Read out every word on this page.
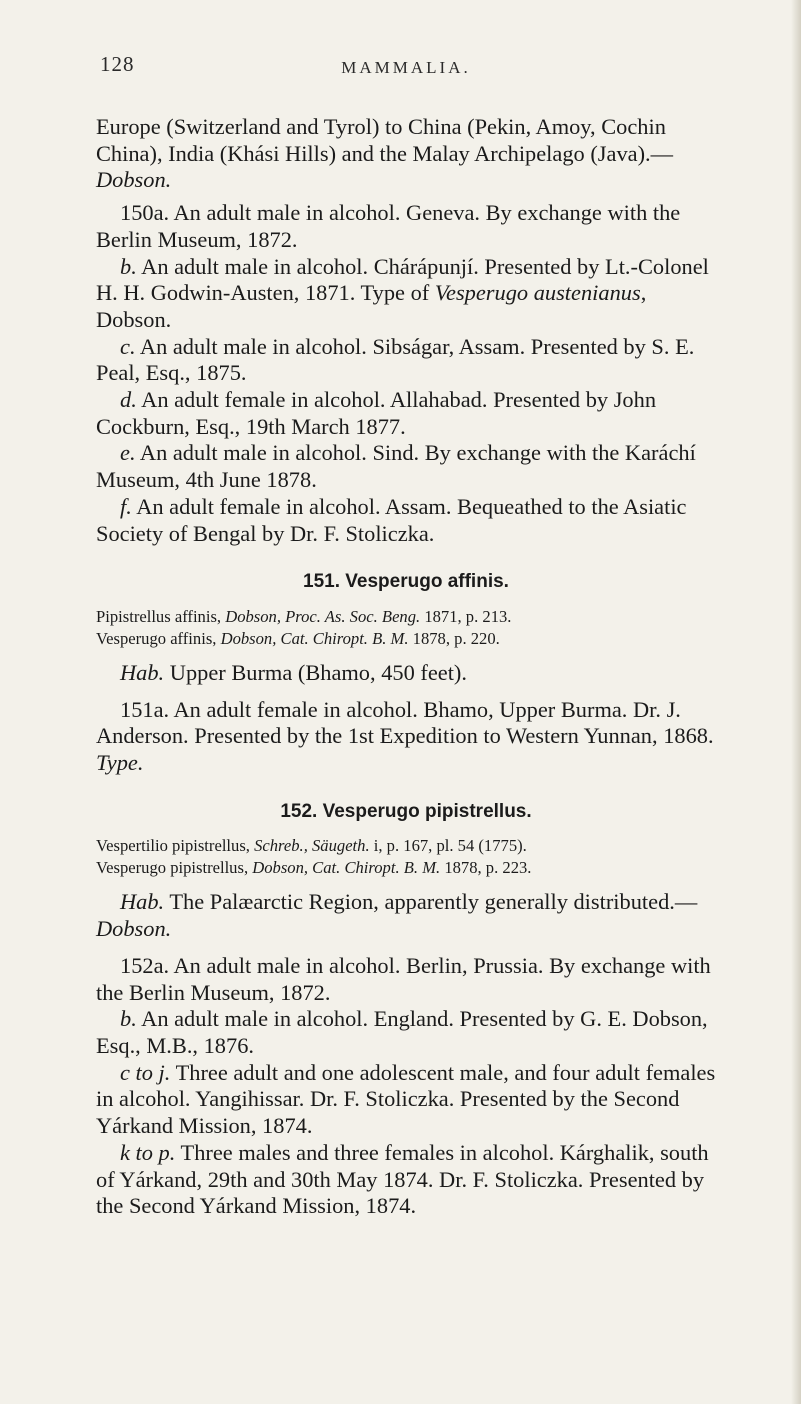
128	MAMMALIA.

Europe (Switzerland and Tyrol) to China (Pekin, Amoy, Cochin China), India (Khási Hills) and the Malay Archipelago (Java).—Dobson.

150a. An adult male in alcohol. Geneva. By exchange with the Berlin Museum, 1872.

b. An adult male in alcohol. Chárápunjí. Presented by Lt.-Colonel H. H. Godwin-Austen, 1871. Type of Vesperugo austenianus, Dobson.

c. An adult male in alcohol. Sibságar, Assam. Presented by S. E. Peal, Esq., 1875.

d. An adult female in alcohol. Allahabad. Presented by John Cockburn, Esq., 19th March 1877.

e. An adult male in alcohol. Sind. By exchange with the Karáchí Museum, 4th June 1878.

f. An adult female in alcohol. Assam. Bequeathed to the Asiatic Society of Bengal by Dr. F. Stoliczka.

151. Vesperugo affinis.

Pipistrellus affinis, Dobson, Proc. As. Soc. Beng. 1871, p. 213.

Vesperugo affinis, Dobson, Cat. Chiropt. B. M. 1878, p. 220.

Hab. Upper Burma (Bhamo, 450 feet).

151a. An adult female in alcohol. Bhamo, Upper Burma. Dr. J. Anderson. Presented by the 1st Expedition to Western Yunnan, 1868. Type.

152. Vesperugo pipistrellus.

Vespertilio pipistrellus, Schreb., Säugeth. i, p. 167, pl. 54 (1775).

Vesperugo pipistrellus, Dobson, Cat. Chiropt. B. M. 1878, p. 223.

Hab. The Palæarctic Region, apparently generally distributed.—Dobson.

152a. An adult male in alcohol. Berlin, Prussia. By exchange with the Berlin Museum, 1872.

b. An adult male in alcohol. England. Presented by G. E. Dobson, Esq., M.B., 1876.

c to j. Three adult and one adolescent male, and four adult females in alcohol. Yangihissar. Dr. F. Stoliczka. Presented by the Second Yárkand Mission, 1874.

k to p. Three males and three females in alcohol. Kárghalik, south of Yárkand, 29th and 30th May 1874. Dr. F. Stoliczka. Presented by the Second Yárkand Mission, 1874.
